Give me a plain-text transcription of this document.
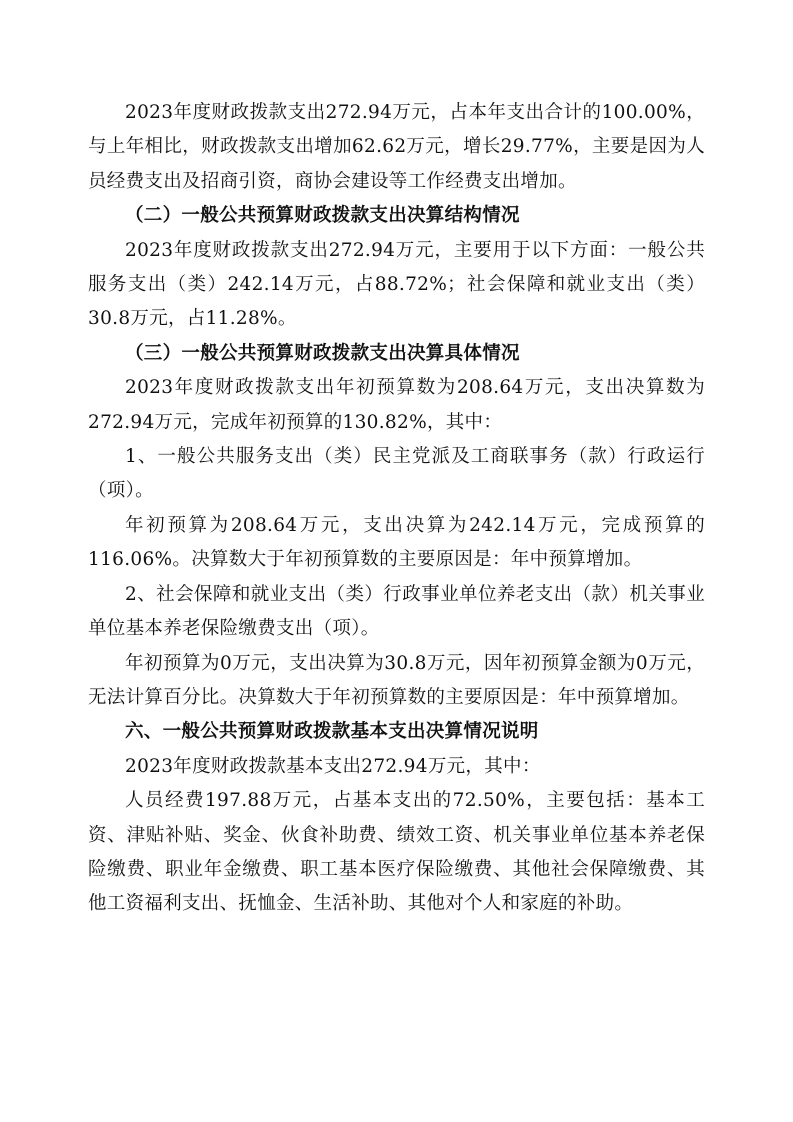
2023年度财政拨款支出272.94万元，占本年支出合计的100.00%，与上年相比，财政拨款支出增加62.62万元，增长29.77%，主要是因为人员经费支出及招商引资，商协会建设等工作经费支出增加。

（二）一般公共预算财政拨款支出决算结构情况

2023年度财政拨款支出272.94万元，主要用于以下方面：一般公共服务支出（类）242.14万元，占88.72%；社会保障和就业支出（类）30.8万元，占11.28%。

（三）一般公共预算财政拨款支出决算具体情况

2023年度财政拨款支出年初预算数为208.64万元，支出决算数为272.94万元，完成年初预算的130.82%，其中：

1、一般公共服务支出（类）民主党派及工商联事务（款）行政运行（项）。

年初预算为208.64万元，支出决算为242.14万元，完成预算的116.06%。决算数大于年初预算数的主要原因是：年中预算增加。

2、社会保障和就业支出（类）行政事业单位养老支出（款）机关事业单位基本养老保险缴费支出（项）。

年初预算为0万元，支出决算为30.8万元，因年初预算金额为0万元，无法计算百分比。决算数大于年初预算数的主要原因是：年中预算增加。

六、一般公共预算财政拨款基本支出决算情况说明

2023年度财政拨款基本支出272.94万元，其中：

人员经费197.88万元，占基本支出的72.50%，主要包括：基本工资、津贴补贴、奖金、伙食补助费、绩效工资、机关事业单位基本养老保险缴费、职业年金缴费、职工基本医疗保险缴费、其他社会保障缴费、其他工资福利支出、抚恤金、生活补助、其他对个人和家庭的补助。
